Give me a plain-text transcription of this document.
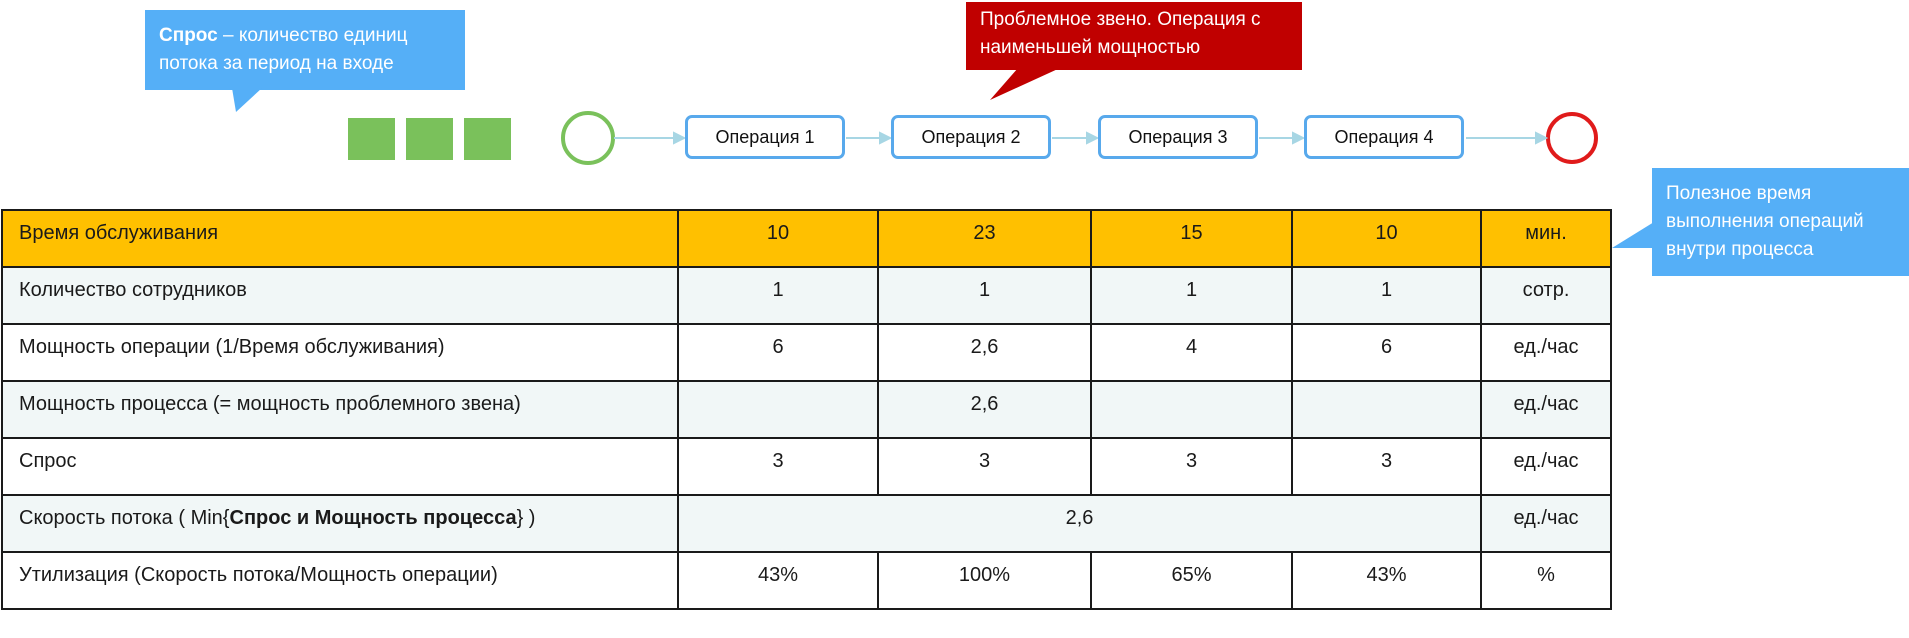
Спрос – количество единиц потока за период на входе
Проблемное звено. Операция с наименьшей мощностью
Полезное время выполнения операций внутри процесса
Операция 1	Операция 2	Операция 3	Операция 4
Время обслуживания	10	23	15	10	мин.

Количество сотрудников	1	1	1	1	сотр.

Мощность операции (1/Время обслуживания)	6	2,6	4	6	ед./час

Мощность процесса (= мощность проблемного звена)		2,6			ед./час

Спрос	3	3	3	3	ед./час

Скорость потока ( Min{Спрос и Мощность процесса} )	2,6				ед./час

Утилизация (Скорость потока/Мощность операции)	43%	100%	65%	43%	%
